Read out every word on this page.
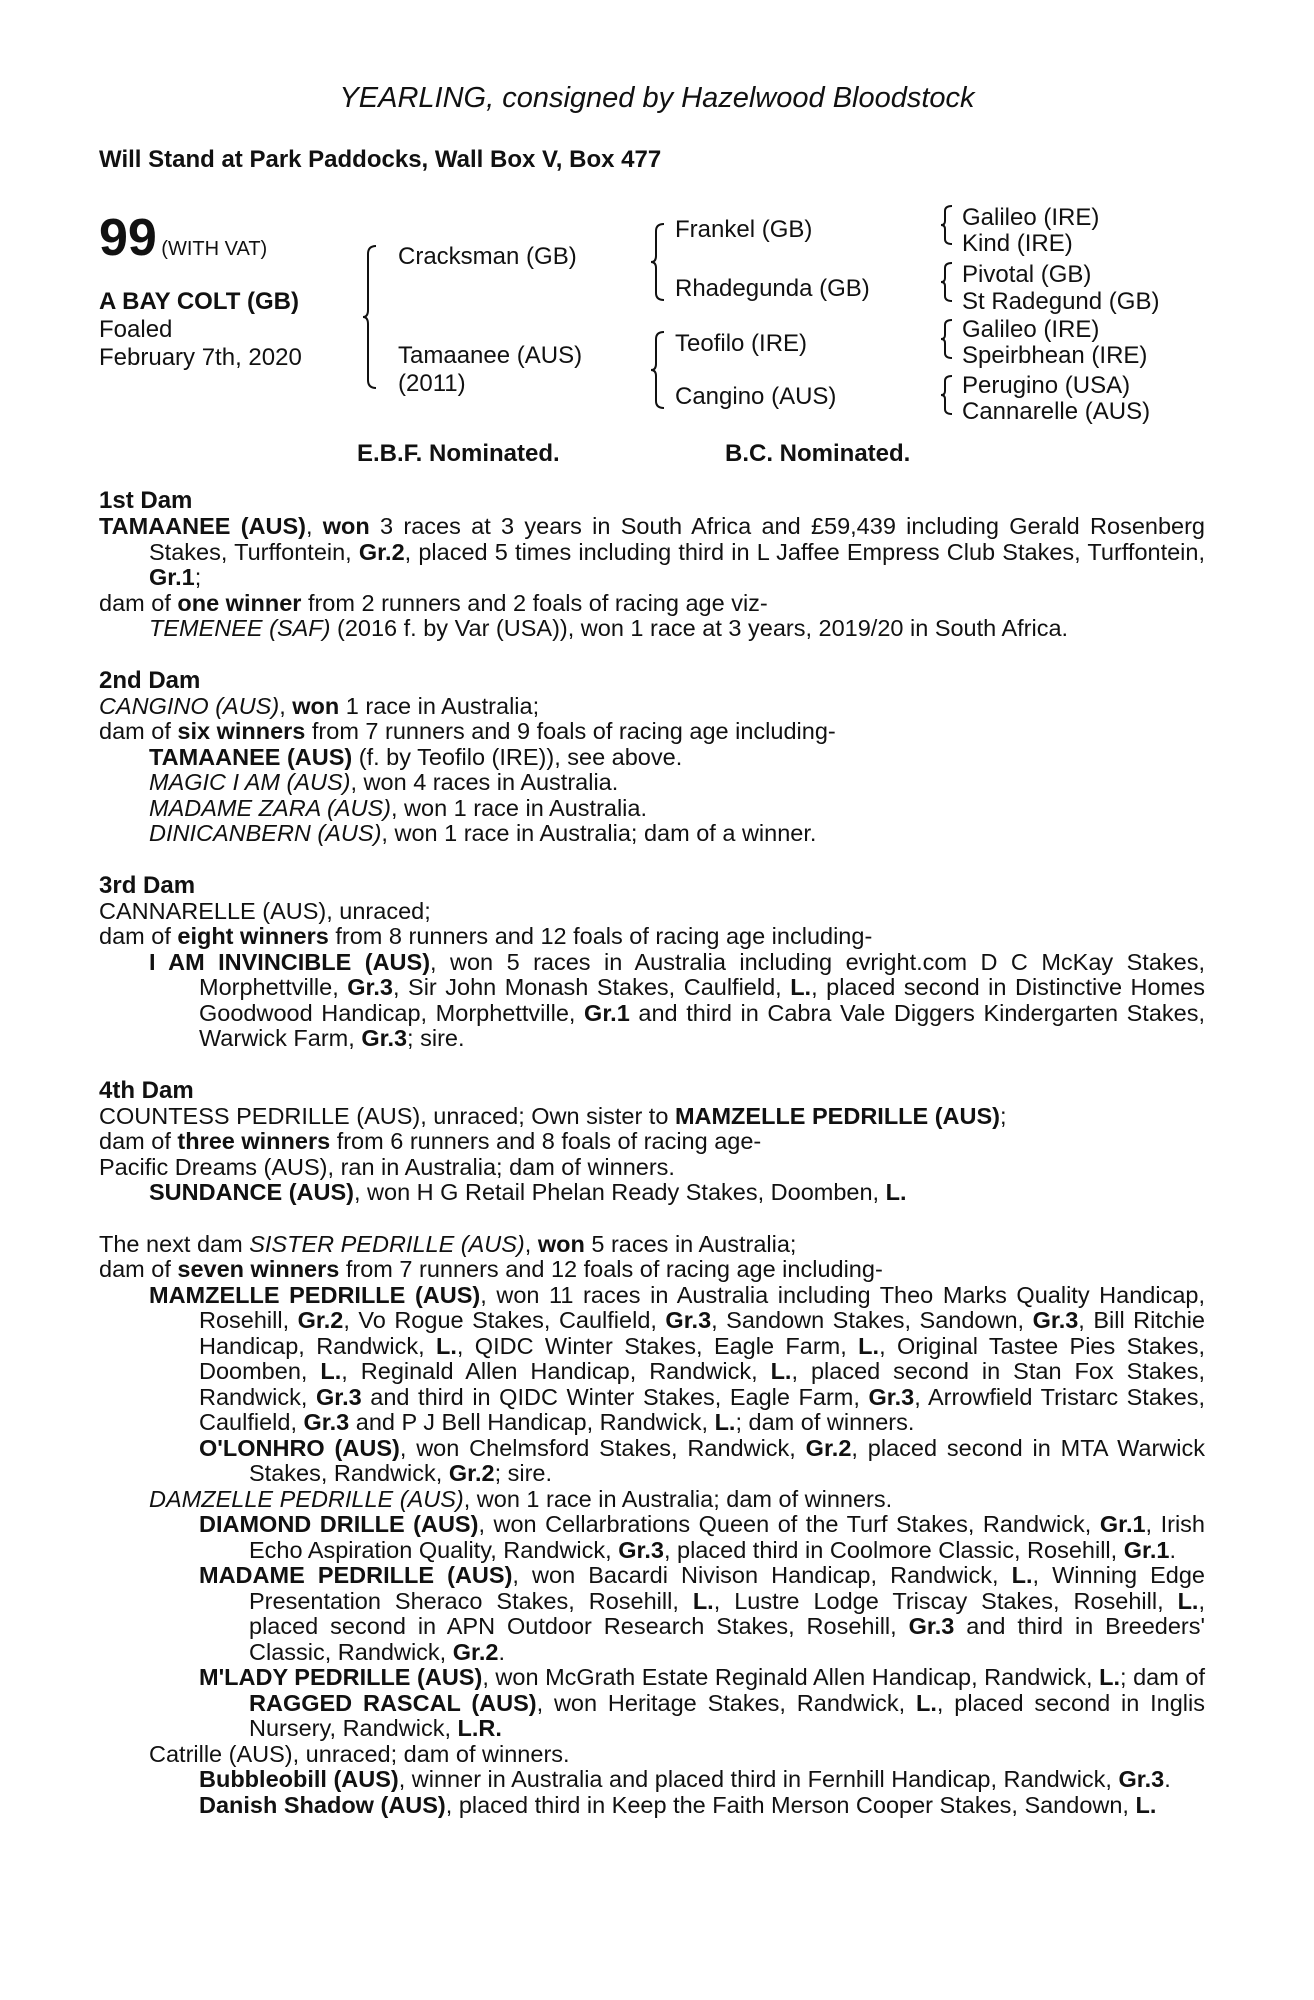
YEARLING, consigned by Hazelwood Bloodstock
Will Stand at Park Paddocks, Wall Box V, Box 477
99 (WITH VAT)
A BAY COLT (GB)
Foaled
February 7th, 2020
Cracksman (GB)
Tamaanee (AUS)
(2011)
Frankel (GB)
Rhadegunda (GB)
Teofilo (IRE)
Cangino (AUS)
Galileo (IRE)
Kind (IRE)
Pivotal (GB)
St Radegund (GB)
Galileo (IRE)
Speirbhean (IRE)
Perugino (USA)
Cannarelle (AUS)
E.B.F. Nominated.	B.C. Nominated.
1st Dam

TAMAANEE (AUS), won 3 races at 3 years in South Africa and £59,439 including Gerald Rosenberg Stakes, Turffontein, Gr.2, placed 5 times including third in L Jaffee Empress Club Stakes, Turffontein, Gr.1;

dam of one winner from 2 runners and 2 foals of racing age viz-

TEMENEE (SAF) (2016 f. by Var (USA)), won 1 race at 3 years, 2019/20 in South Africa.

2nd Dam

CANGINO (AUS), won 1 race in Australia;

dam of six winners from 7 runners and 9 foals of racing age including-

TAMAANEE (AUS) (f. by Teofilo (IRE)), see above.

MAGIC I AM (AUS), won 4 races in Australia.

MADAME ZARA (AUS), won 1 race in Australia.

DINICANBERN (AUS), won 1 race in Australia; dam of a winner.

3rd Dam

CANNARELLE (AUS), unraced;

dam of eight winners from 8 runners and 12 foals of racing age including-

I AM INVINCIBLE (AUS), won 5 races in Australia including evright.com D C McKay Stakes, Morphettville, Gr.3, Sir John Monash Stakes, Caulfield, L., placed second in Distinctive Homes Goodwood Handicap, Morphettville, Gr.1 and third in Cabra Vale Diggers Kindergarten Stakes, Warwick Farm, Gr.3; sire.

4th Dam

COUNTESS PEDRILLE (AUS), unraced; Own sister to MAMZELLE PEDRILLE (AUS);

dam of three winners from 6 runners and 8 foals of racing age-

Pacific Dreams (AUS), ran in Australia; dam of winners.

SUNDANCE (AUS), won H G Retail Phelan Ready Stakes, Doomben, L.

The next dam SISTER PEDRILLE (AUS), won 5 races in Australia;

dam of seven winners from 7 runners and 12 foals of racing age including-

MAMZELLE PEDRILLE (AUS), won 11 races in Australia including Theo Marks Quality Handicap, Rosehill, Gr.2, Vo Rogue Stakes, Caulfield, Gr.3, Sandown Stakes, Sandown, Gr.3, Bill Ritchie Handicap, Randwick, L., QIDC Winter Stakes, Eagle Farm, L., Original Tastee Pies Stakes, Doomben, L., Reginald Allen Handicap, Randwick, L., placed second in Stan Fox Stakes, Randwick, Gr.3 and third in QIDC Winter Stakes, Eagle Farm, Gr.3, Arrowfield Tristarc Stakes, Caulfield, Gr.3 and P J Bell Handicap, Randwick, L.; dam of winners.

O'LONHRO (AUS), won Chelmsford Stakes, Randwick, Gr.2, placed second in MTA Warwick Stakes, Randwick, Gr.2; sire.

DAMZELLE PEDRILLE (AUS), won 1 race in Australia; dam of winners.

DIAMOND DRILLE (AUS), won Cellarbrations Queen of the Turf Stakes, Randwick, Gr.1, Irish Echo Aspiration Quality, Randwick, Gr.3, placed third in Coolmore Classic, Rosehill, Gr.1.

MADAME PEDRILLE (AUS), won Bacardi Nivison Handicap, Randwick, L., Winning Edge Presentation Sheraco Stakes, Rosehill, L., Lustre Lodge Triscay Stakes, Rosehill, L., placed second in APN Outdoor Research Stakes, Rosehill, Gr.3 and third in Breeders' Classic, Randwick, Gr.2.

M'LADY PEDRILLE (AUS), won McGrath Estate Reginald Allen Handicap, Randwick, L.; dam of RAGGED RASCAL (AUS), won Heritage Stakes, Randwick, L., placed second in Inglis Nursery, Randwick, L.R.

Catrille (AUS), unraced; dam of winners.

Bubbleobill (AUS), winner in Australia and placed third in Fernhill Handicap, Randwick, Gr.3.

Danish Shadow (AUS), placed third in Keep the Faith Merson Cooper Stakes, Sandown, L.
